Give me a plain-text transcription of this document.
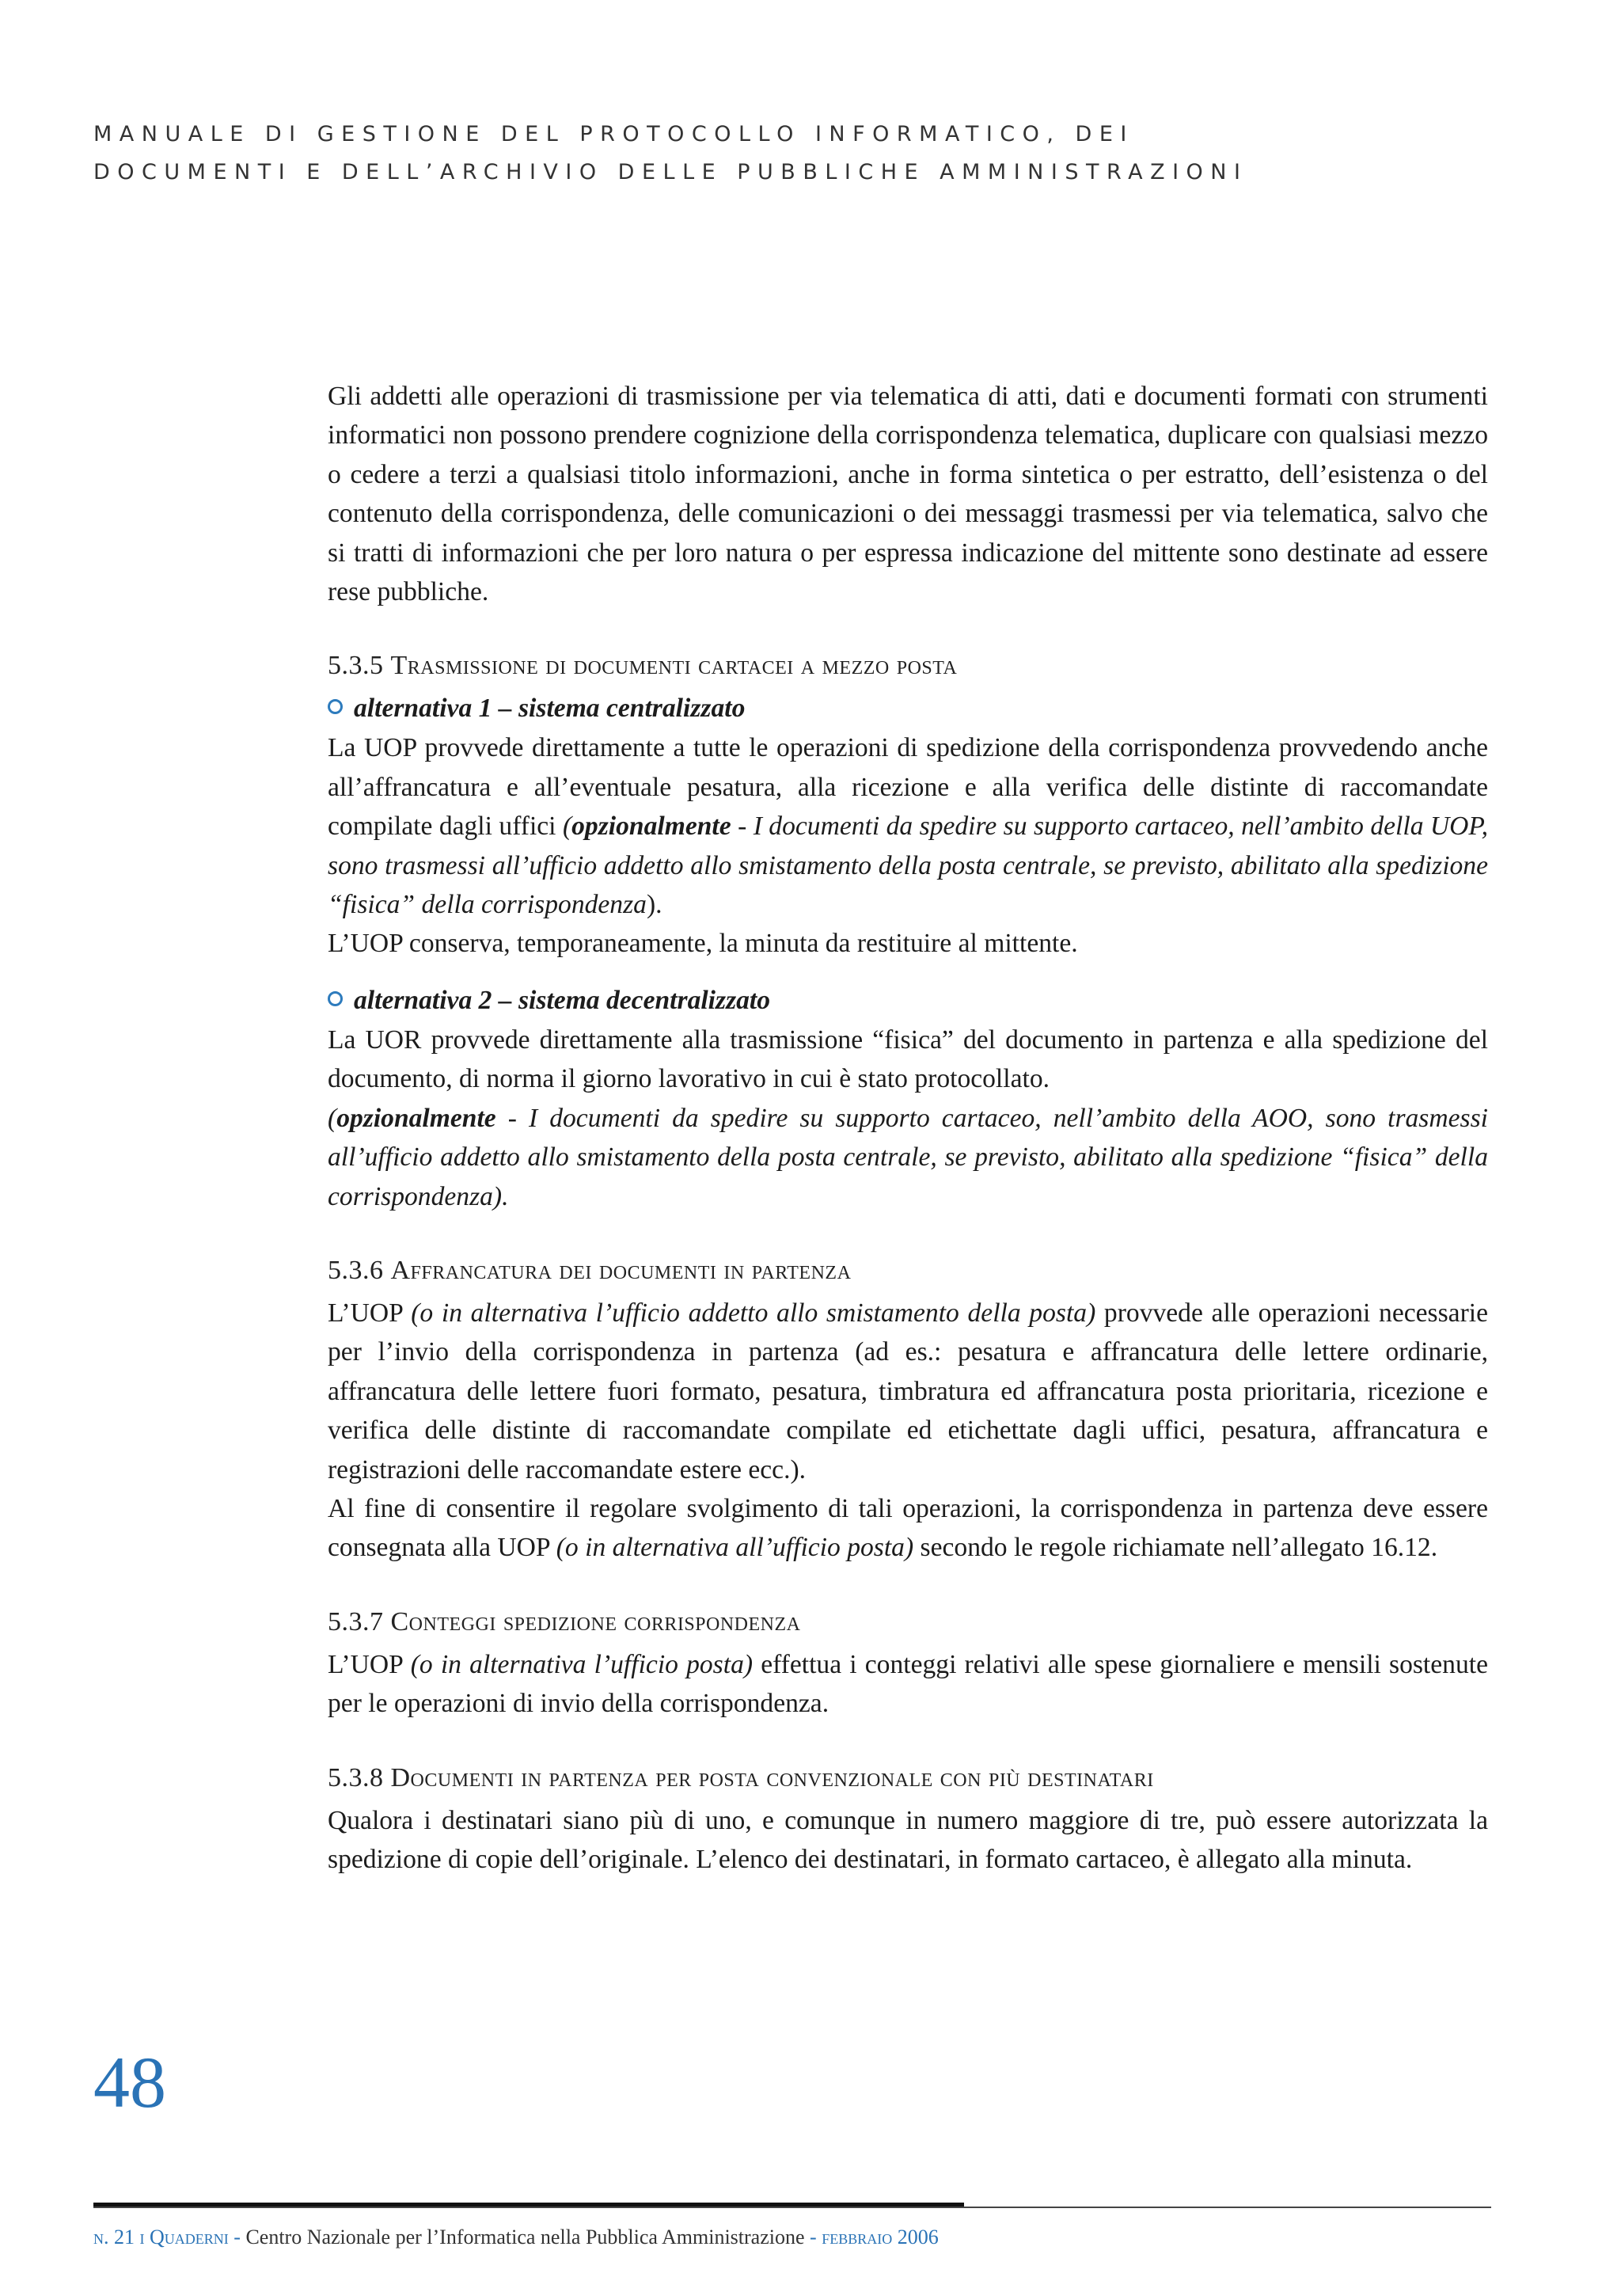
MANUALE DI GESTIONE DEL PROTOCOLLO INFORMATICO, DEI
DOCUMENTI E DELL’ARCHIVIO DELLE PUBBLICHE AMMINISTRAZIONI

Gli addetti alle operazioni di trasmissione per via telematica di atti, dati e documenti formati con strumenti informatici non possono prendere cognizione della corrispondenza telematica, duplicare con qualsiasi mezzo o cedere a terzi a qualsiasi titolo informazioni, anche in forma sintetica o per estratto, dell’esistenza o del contenuto della corrispondenza, delle comunicazioni o dei messaggi trasmessi per via telematica, salvo che si tratti di informazioni che per loro natura o per espressa indicazione del mittente sono destinate ad essere rese pubbliche.

5.3.5 Trasmissione di documenti cartacei a mezzo posta
alternativa 1 – sistema centralizzato

La UOP provvede direttamente a tutte le operazioni di spedizione della corrispondenza provvedendo anche all’affrancatura e all’eventuale pesatura, alla ricezione e alla verifica delle distinte di raccomandate compilate dagli uffici (opzionalmente - I documenti da spedire su supporto cartaceo, nell’ambito della UOP, sono trasmessi all’ufficio addetto allo smistamento della posta centrale, se previsto, abilitato alla spedizione “fisica” della corrispondenza).

L’UOP conserva, temporaneamente, la minuta da restituire al mittente.

alternativa 2 – sistema decentralizzato

La UOR provvede direttamente alla trasmissione “fisica” del documento in partenza e alla spedizione del documento, di norma il giorno lavorativo in cui è stato protocollato.

(opzionalmente - I documenti da spedire su supporto cartaceo, nell’ambito della AOO, sono trasmessi all’ufficio addetto allo smistamento della posta centrale, se previsto, abilitato alla spedizione “fisica” della corrispondenza).

5.3.6 Affrancatura dei documenti in partenza

L’UOP (o in alternativa l’ufficio addetto allo smistamento della posta) provvede alle operazioni necessarie per l’invio della corrispondenza in partenza (ad es.: pesatura e affrancatura delle lettere ordinarie, affrancatura delle lettere fuori formato, pesatura, timbratura ed affrancatura posta prioritaria, ricezione e verifica delle distinte di raccomandate compilate ed etichettate dagli uffici, pesatura, affrancatura e registrazioni delle raccomandate estere ecc.).

Al fine di consentire il regolare svolgimento di tali operazioni, la corrispondenza in partenza deve essere consegnata alla UOP (o in alternativa all’ufficio posta) secondo le regole richiamate nell’allegato 16.12.

5.3.7 Conteggi spedizione corrispondenza

L’UOP (o in alternativa l’ufficio posta) effettua i conteggi relativi alle spese giornaliere e mensili sostenute per le operazioni di invio della corrispondenza.

5.3.8 Documenti in partenza per posta convenzionale con più destinatari

Qualora i destinatari siano più di uno, e comunque in numero maggiore di tre, può essere autorizzata la spedizione di copie dell’originale. L’elenco dei destinatari, in formato cartaceo, è allegato alla minuta.

48
n. 21 i Quaderni - Centro Nazionale per l’Informatica nella Pubblica Amministrazione - febbraio 2006
